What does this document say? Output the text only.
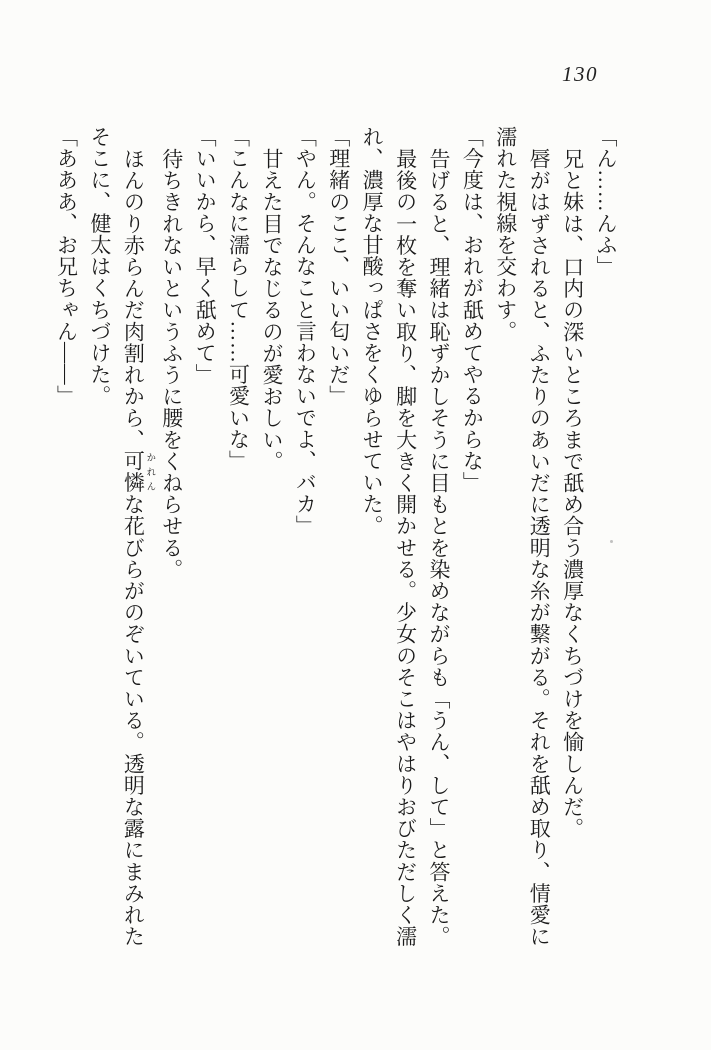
130

「ん……んふ」

兄と妹は、口内の深いところまで舐め合う濃厚なくちづけを愉しんだ。

唇がはずされると、ふたりのあいだに透明な糸が繋がる。それを舐め取り、情愛に

濡れた視線を交わす。

「今度は、おれが舐めてやるからな」

告げると、理緒は恥ずかしそうに目もとを染めながらも「うん、して」と答えた。

最後の一枚を奪い取り、脚を大きく開かせる。少女のそこはやはりおびただしく濡

れ、濃厚な甘酸っぱさをくゆらせていた。

「理緒のここ、いい匂いだ」

「やん。そんなこと言わないでよ、バカ」

甘えた目でなじるのが愛おしい。

「こんなに濡らして……可愛いな」

「いいから、早く舐めて」

待ちきれないというふうに腰をくねらせる。

ほんのり赤らんだ肉割れから、可憐 かれんな花びらがのぞいている。透明な露にまみれた

そこに、健太はくちづけた。

「あああ、お兄ちゃん――」
